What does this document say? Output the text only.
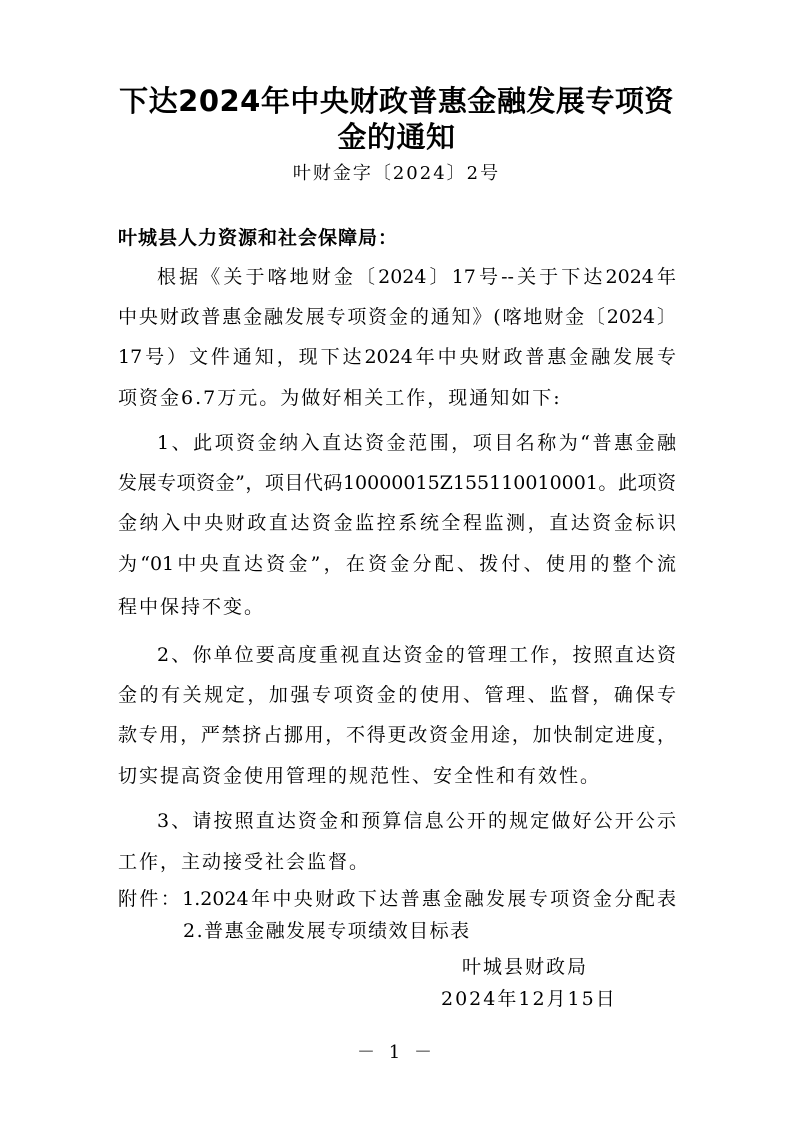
下达2024年中央财政普惠金融发展专项资
金的通知
叶财金字〔2024〕2号
叶城县人力资源和社会保障局：
根据《关于喀地财金〔2024〕17号--关于下达2024年
中央财政普惠金融发展专项资金的通知》(喀地财金〔2024〕
17号）文件通知，现下达2024年中央财政普惠金融发展专
项资金6.7万元。为做好相关工作，现通知如下:
1、此项资金纳入直达资金范围，项目名称为“普惠金融
发展专项资金”，项目代码10000015Z155110010001。此项资
金纳入中央财政直达资金监控系统全程监测，直达资金标识
为“01中央直达资金”，在资金分配、拨付、使用的整个流
程中保持不变。
2、你单位要高度重视直达资金的管理工作，按照直达资
金的有关规定，加强专项资金的使用、管理、监督，确保专
款专用，严禁挤占挪用，不得更改资金用途，加快制定进度，
切实提高资金使用管理的规范性、安全性和有效性。
3、请按照直达资金和预算信息公开的规定做好公开公示
工作，主动接受社会监督。
附件：1.2024年中央财政下达普惠金融发展专项资金分配表
2.普惠金融发展专项绩效目标表
叶城县财政局
2024年12月15日
－ 1 －
